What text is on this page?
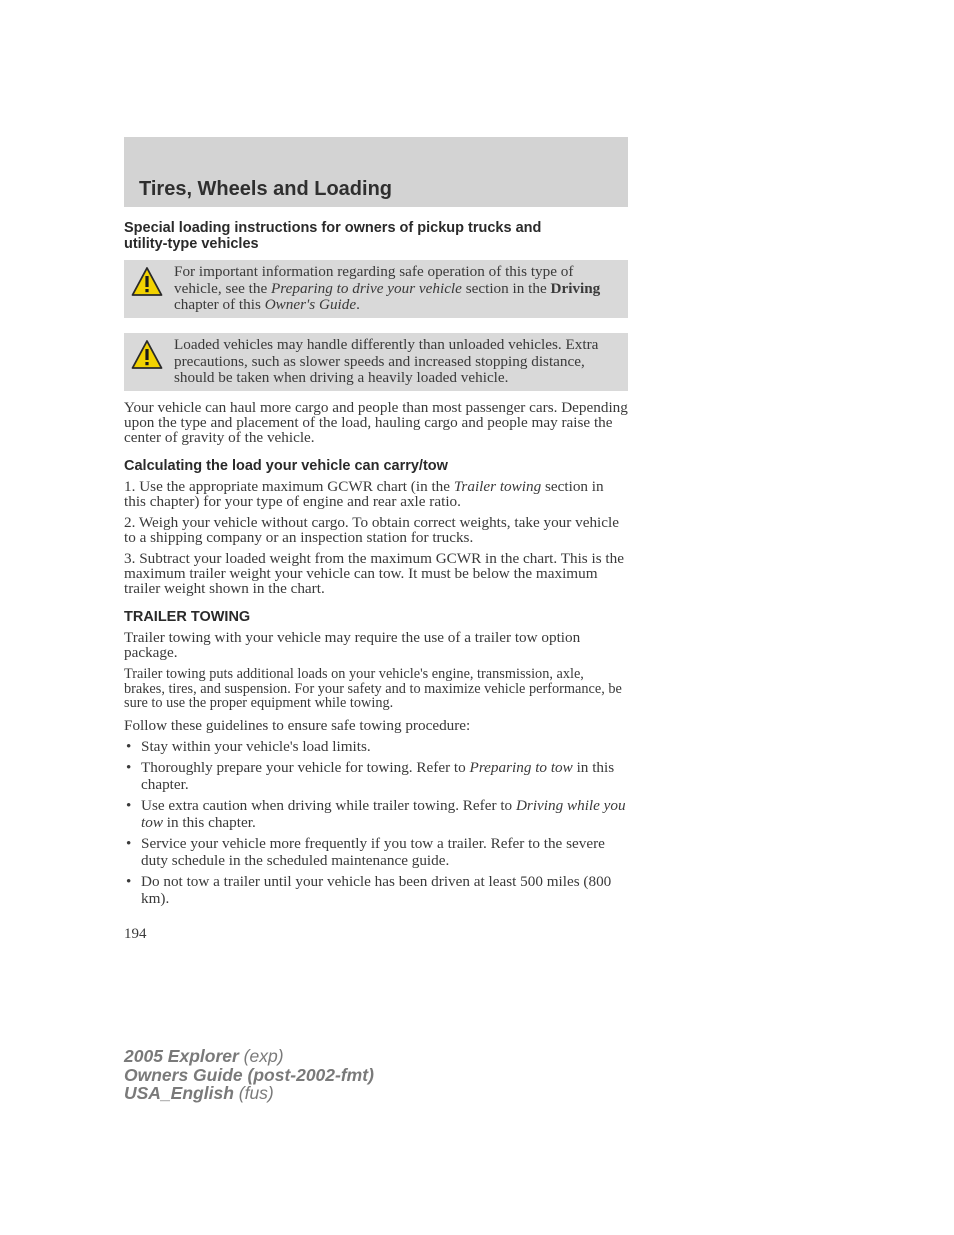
Tires, Wheels and Loading
Special loading instructions for owners of pickup trucks and
utility-type vehicles
For important information regarding safe operation of this type of vehicle, see the Preparing to drive your vehicle section in the Driving chapter of this Owner's Guide.
Loaded vehicles may handle differently than unloaded vehicles. Extra precautions, such as slower speeds and increased stopping distance, should be taken when driving a heavily loaded vehicle.

Your vehicle can haul more cargo and people than most passenger cars. Depending upon the type and placement of the load, hauling cargo and people may raise the center of gravity of the vehicle.

Calculating the load your vehicle can carry/tow

1. Use the appropriate maximum GCWR chart (in the Trailer towing section in this chapter) for your type of engine and rear axle ratio.

2. Weigh your vehicle without cargo. To obtain correct weights, take your vehicle to a shipping company or an inspection station for trucks.

3. Subtract your loaded weight from the maximum GCWR in the chart. This is the maximum trailer weight your vehicle can tow. It must be below the maximum trailer weight shown in the chart.

TRAILER TOWING

Trailer towing with your vehicle may require the use of a trailer tow option package.

Trailer towing puts additional loads on your vehicle's engine, transmission, axle, brakes, tires, and suspension. For your safety and to maximize vehicle performance, be sure to use the proper equipment while towing.

Follow these guidelines to ensure safe towing procedure:

• Stay within your vehicle's load limits.
• Thoroughly prepare your vehicle for towing. Refer to Preparing to tow in this chapter.
• Use extra caution when driving while trailer towing. Refer to Driving while you tow in this chapter.
• Service your vehicle more frequently if you tow a trailer. Refer to the severe duty schedule in the scheduled maintenance guide.
• Do not tow a trailer until your vehicle has been driven at least 500 miles (800 km).
194
2005 Explorer (exp)
Owners Guide (post-2002-fmt)
USA_English (fus)
